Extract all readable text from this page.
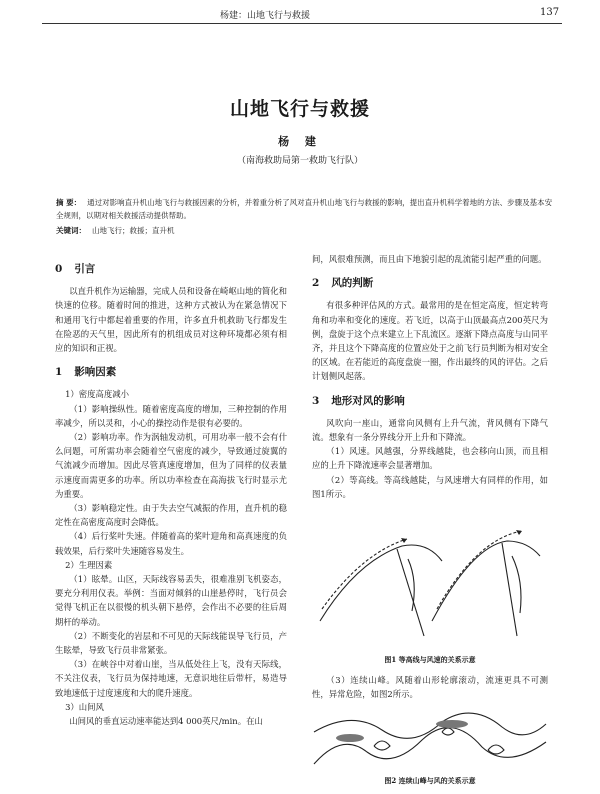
杨建：山地飞行与救援	137
山地飞行与救援
杨 建
（南海救助局第一救助飞行队）
摘 要： 通过对影响直升机山地飞行与救援因素的分析，并着重分析了风对直升机山地飞行与救援的影响，提出直升机科学着地的方法、步骤及基本安全规则，以期对相关救援活动提供帮助。
关键词： 山地飞行；救援；直升机
0 引言

以直升机作为运输器，完成人员和设备在崎岖山地的简化和快速的位移。随着时间的推进，这种方式被认为在紧急情况下和通用飞行中都起着重要的作用，许多直升机救助飞行都发生在险恶的天气里，因此所有的机组成员对这种环境都必须有相应的知识和正视。

1 影响因素

1）密度高度减小

（1）影响操纵性。随着密度高度的增加，三种控制的作用率减少，所以灵和，小心的操控动作是很有必要的。

（2）影响功率。作为涡轴发动机，可用功率一般不会有什么问题，可所需功率会随着空气密度的减少，导致通过旋翼的气流减少而增加。因此尽管真速度增加，但为了同样的仪表量示速度而需更多的功率。所以功率检查在高海拔飞行时显示尤为重要。

（3）影响稳定性。由于失去空气减振的作用，直升机的稳定性在高密度高度时会降低。

（4）后行桨叶失速。伴随着高的桨叶迎角和高真速度的负载效果，后行桨叶失速随容易发生。

2）生理因素

（1）眩晕。山区，天际线容易丢失，很难准别飞机姿态，要充分利用仪表。举例：当面对倾斜的山崖悬停时，飞行员会觉得飞机正在以很慢的机头朝下悬停，会作出不必要的往后周期杆的举动。

（2）不断变化的岩层和不可见的天际线能误导飞行员，产生眩晕，导致飞行员非常紧张。

（3）在峡谷中对着山崖，当从低处往上飞，没有天际线，不关注仪表，飞行员为保持地速，无意识地往后带杆，易造导致地速低于过度速度和大的爬升速度。

3）山间风

山间风的垂直运动速率能达到4 000英尺/min。在山

间，风很难预测，而且由下地貌引起的乱流能引起严重的问题。

2 风的判断

有很多种评估风的方式。最常用的是在恒定高度，恒定转弯角和功率和变化的速度。若飞近，以高于山顶最高点200英尺为例，盘旋于这个点来建立上下乱流区。逐渐下降点高度与山同平齐，并且这个下降高度的位置应处于之前飞行员判断为相对安全的区域。在若能近的高度盘旋一圈，作出最终的风的评估。之后计划侧风起落。

3 地形对风的影响

风吹向一座山，通常向风侧有上升气流，背风侧有下降气流。想象有一条分界线分开上升和下降流。

（1）风速。风越强，分界线越陡，也会移向山顶，而且相应的上升下降流速率会显著增加。

（2）等高线。等高线越陡，与风速增大有同样的作用，如图1所示。

图1 等高线与风速的关系示意

（3）连续山峰。风随着山形轮廓滚动，流速更具不可测性，异常危险，如图2所示。

图2 连续山峰与风的关系示意
